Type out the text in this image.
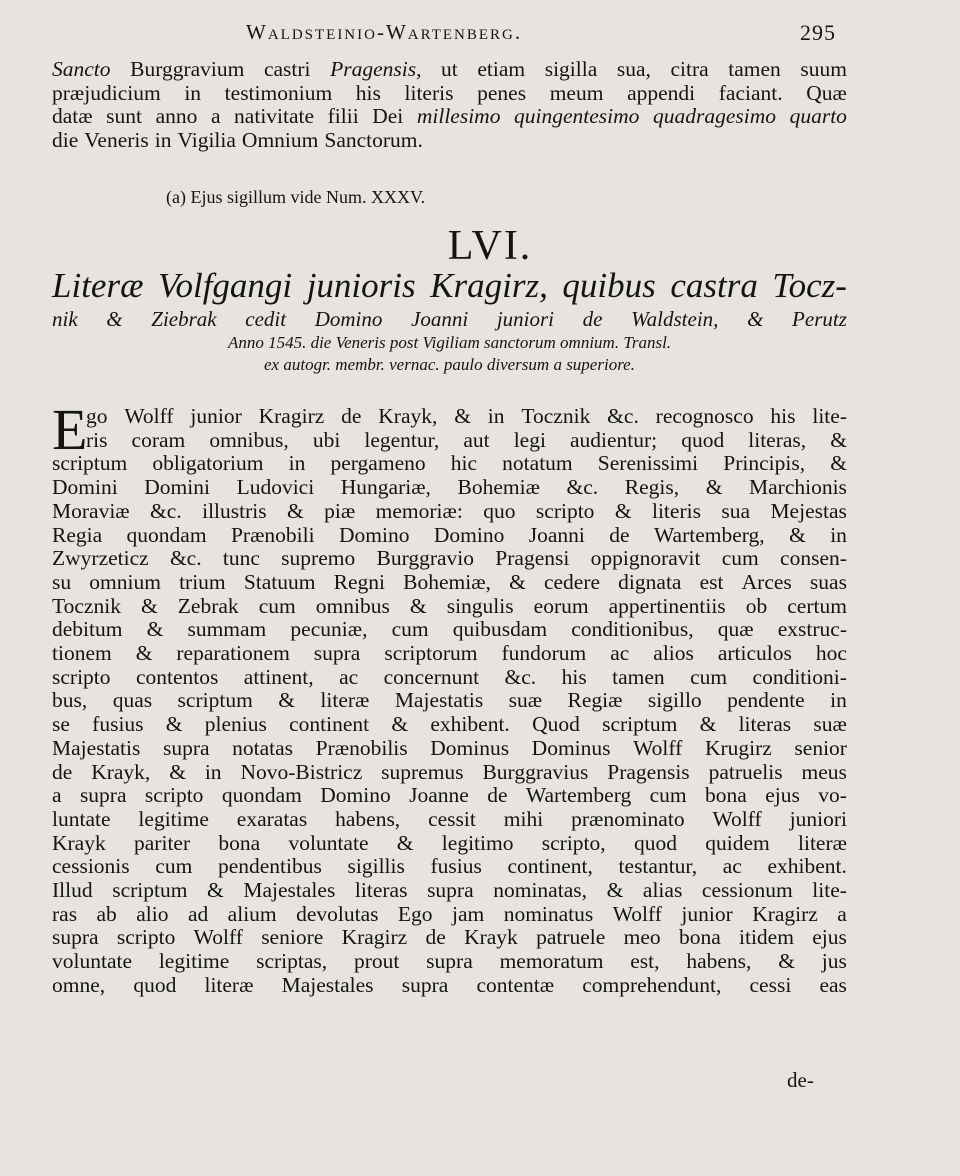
Waldsteinio-Wartenberg.	295
Sancto Burggravium castri Pragensis, ut etiam sigilla sua, citra tamen suum
præjudicium in testimonium his literis penes meum appendi faciant. Quæ
datæ sunt anno a nativitate filii Dei millesimo quingentesimo quadragesimo quarto
die Veneris in Vigilia Omnium Sanctorum.
(a) Ejus sigillum vide Num. XXXV.
LVI.
Literæ Volfgangi junioris Kragirz, quibus castra Tocz-
nik & Ziebrak cedit Domino Joanni juniori de Waldstein, & Perutz
Anno 1545. die Veneris post Vigiliam sanctorum omnium. Transl.
ex autogr. membr. vernac. paulo diversum a superiore.
E
go Wolff junior Kragirz de Krayk, & in Tocznik &c. recognosco his lite-
ris coram omnibus, ubi legentur, aut legi audientur; quod literas, &
scriptum obligatorium in pergameno hic notatum Serenissimi Principis, &
Domini Domini Ludovici Hungariæ, Bohemiæ &c. Regis, & Marchionis
Moraviæ &c. illustris & piæ memoriæ: quo scripto & literis sua Mejestas
Regia quondam Prænobili Domino Domino Joanni de Wartemberg, & in
Zwyrzeticz &c. tunc supremo Burggravio Pragensi oppignoravit cum consen-
su omnium trium Statuum Regni Bohemiæ, & cedere dignata est Arces suas
Tocznik & Zebrak cum omnibus & singulis eorum appertinentiis ob certum
debitum & summam pecuniæ, cum quibusdam conditionibus, quæ exstruc-
tionem & reparationem supra scriptorum fundorum ac alios articulos hoc
scripto contentos attinent, ac concernunt &c. his tamen cum conditioni-
bus, quas scriptum & literæ Majestatis suæ Regiæ sigillo pendente in
se fusius & plenius continent & exhibent. Quod scriptum & literas suæ
Majestatis supra notatas Prænobilis Dominus Dominus Wolff Krugirz senior
de Krayk, & in Novo-Bistricz supremus Burggravius Pragensis patruelis meus
a supra scripto quondam Domino Joanne de Wartemberg cum bona ejus vo-
luntate legitime exaratas habens, cessit mihi prænominato Wolff juniori
Krayk pariter bona voluntate & legitimo scripto, quod quidem literæ
cessionis cum pendentibus sigillis fusius continent, testantur, ac exhibent.
Illud scriptum & Majestales literas supra nominatas, & alias cessionum lite-
ras ab alio ad alium devolutas Ego jam nominatus Wolff junior Kragirz a
supra scripto Wolff seniore Kragirz de Krayk patruele meo bona itidem ejus
voluntate legitime scriptas, prout supra memoratum est, habens, & jus
omne, quod literæ Majestales supra contentæ comprehendunt, cessi eas
de-
